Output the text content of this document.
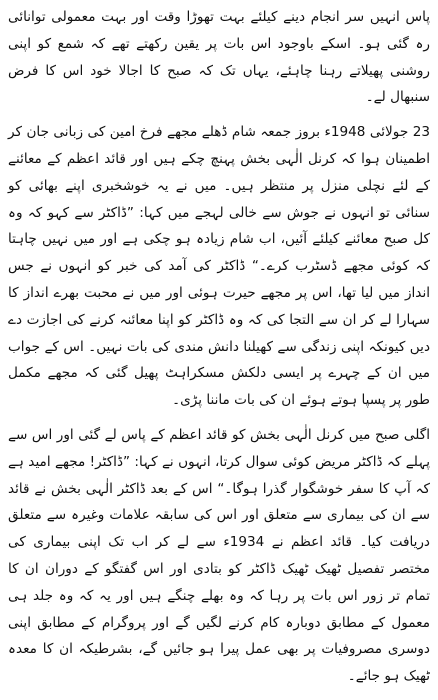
پاس انہیں سر انجام دینے کیلئے بہت تھوڑا وقت اور بہت معمولی توانائی رہ گئی ہو۔ اسکے باوجود اس بات پر یقین رکھتے تھے کہ شمع کو اپنی روشنی پھیلاتے رہنا چاہئے، یہاں تک کہ صبح کا اجالا خود اس کا فرض سنبھال لے۔

23 جولائی 1948ء بروز جمعہ شام ڈھلے مجھے فرخ امین کی زبانی جان کر اطمینان ہوا کہ کرنل الٰہی بخش پہنچ چکے ہیں اور قائد اعظم کے معائنے کے لئے نچلی منزل پر منتظر ہیں۔ میں نے یہ خوشخبری اپنے بھائی کو سنائی تو انہوں نے جوش سے خالی لہجے میں کہا: ”ڈاکٹر سے کہو کہ وہ کل صبح معائنے کیلئے آئیں، اب شام زیادہ ہو چکی ہے اور میں نہیں چاہتا کہ کوئی مجھے ڈسٹرب کرے۔“ ڈاکٹر کی آمد کی خبر کو انہوں نے جس انداز میں لیا تھا، اس پر مجھے حیرت ہوئی اور میں نے محبت بھرے انداز کا سہارا لے کر ان سے التجا کی کہ وہ ڈاکٹر کو اپنا معائنہ کرنے کی اجازت دے دیں کیونکہ اپنی زندگی سے کھیلنا دانش مندی کی بات نہیں۔ اس کے جواب میں ان کے چہرے پر ایسی دلکش مسکراہٹ پھیل گئی کہ مجھے مکمل طور پر پسپا ہوتے ہوئے ان کی بات ماننا پڑی۔

اگلی صبح میں کرنل الٰہی بخش کو قائد اعظم کے پاس لے گئی اور اس سے پہلے کہ ڈاکٹر مریض کوئی سوال کرتا، انہوں نے کہا: ”ڈاکٹر! مجھے امید ہے کہ آپ کا سفر خوشگوار گذرا ہوگا۔“ اس کے بعد ڈاکٹر الٰہی بخش نے قائد سے ان کی بیماری سے متعلق اور اس کی سابقہ علامات وغیرہ سے متعلق دریافت کیا۔ قائد اعظم نے 1934ء سے لے کر اب تک اپنی بیماری کی مختصر تفصیل ٹھیک ٹھیک ڈاکٹر کو بتادی اور اس گفتگو کے دوران ان کا تمام تر زور اس بات پر رہا کہ وہ بھلے چنگے ہیں اور یہ کہ وہ جلد ہی معمول کے مطابق دوبارہ کام کرنے لگیں گے اور پروگرام کے مطابق اپنی دوسری مصروفیات پر بھی عمل پیرا ہو جائیں گے، بشرطیکہ ان کا معدہ ٹھیک ہو جائے۔
